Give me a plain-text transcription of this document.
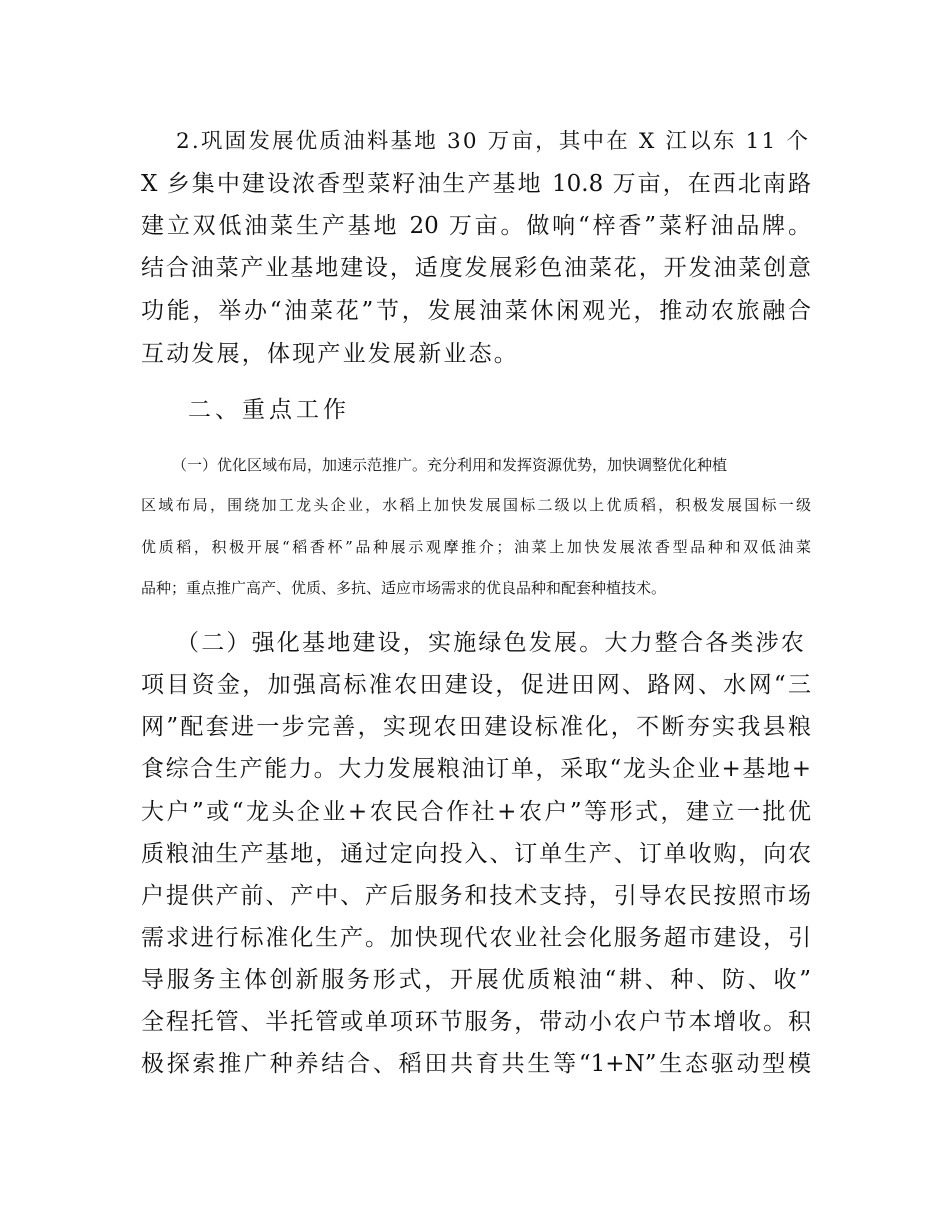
2.巩固发展优质油料基地 30 万亩，其中在 X 江以东 11 个
X 乡集中建设浓香型菜籽油生产基地 10.8 万亩，在西北南路
建立双低油菜生产基地 20 万亩。做响“梓香”菜籽油品牌。
结合油菜产业基地建设，适度发展彩色油菜花，开发油菜创意
功能，举办“油菜花”节，发展油菜休闲观光，推动农旅融合
互动发展，体现产业发展新业态。
二、重点工作
（一）优化区域布局，加速示范推广。充分利用和发挥资源优势，加快调整优化种植
区域布局，围绕加工龙头企业，水稻上加快发展国标二级以上优质稻，积极发展国标一级
优质稻，积极开展“稻香杯”品种展示观摩推介；油菜上加快发展浓香型品种和双低油菜
品种；重点推广高产、优质、多抗、适应市场需求的优良品种和配套种植技术。
（二）强化基地建设，实施绿色发展。大力整合各类涉农
项目资金，加强高标准农田建设，促进田网、路网、水网“三
网”配套进一步完善，实现农田建设标准化，不断夯实我县粮
食综合生产能力。大力发展粮油订单，采取“龙头企业+基地+
大户”或“龙头企业+农民合作社+农户”等形式，建立一批优
质粮油生产基地，通过定向投入、订单生产、订单收购，向农
户提供产前、产中、产后服务和技术支持，引导农民按照市场
需求进行标准化生产。加快现代农业社会化服务超市建设，引
导服务主体创新服务形式，开展优质粮油“耕、种、防、收”
全程托管、半托管或单项环节服务，带动小农户节本增收。积
极探索推广种养结合、稻田共育共生等“1+N”生态驱动型模
